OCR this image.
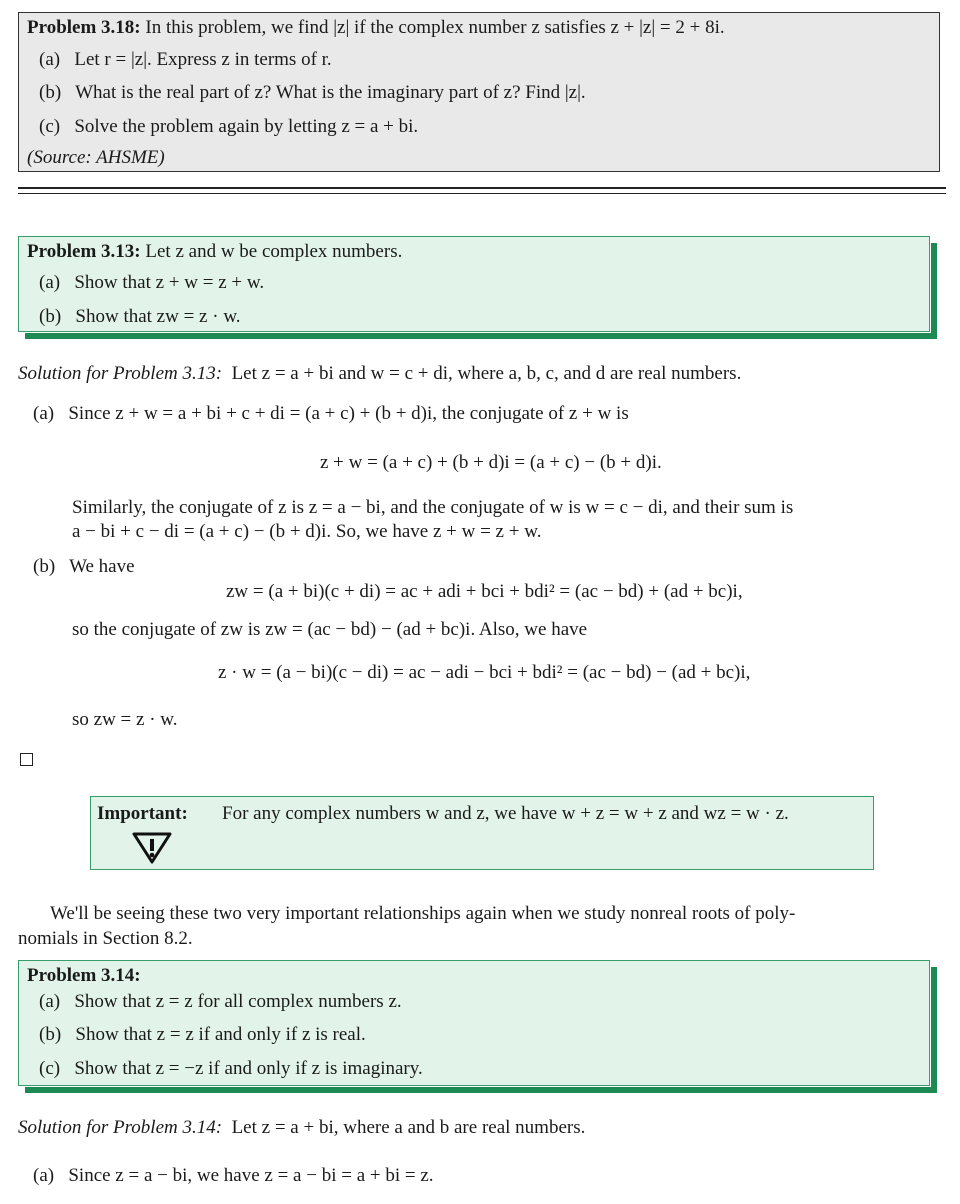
Problem 3.18: In this problem, we find |z| if the complex number z satisfies z + |z| = 2 + 8i.
(a) Let r = |z|. Express z in terms of r.
(b) What is the real part of z? What is the imaginary part of z? Find |z|.
(c) Solve the problem again by letting z = a + bi.
(Source: AHSME)
Problem 3.13: Let z and w be complex numbers.
(a) Show that z + w = z + w.
(b) Show that zw = z · w.
Solution for Problem 3.13: Let z = a + bi and w = c + di, where a, b, c, and d are real numbers.
(a) Since z + w = a + bi + c + di = (a + c) + (b + d)i, the conjugate of z + w is
z + w = (a + c) + (b + d)i = (a + c) − (b + d)i.
Similarly, the conjugate of z is z = a − bi, and the conjugate of w is w = c − di, and their sum is
a − bi + c − di = (a + c) − (b + d)i. So, we have z + w = z + w.
(b) We have
zw = (a + bi)(c + di) = ac + adi + bci + bdi² = (ac − bd) + (ad + bc)i,
so the conjugate of zw is zw = (ac − bd) − (ad + bc)i. Also, we have
z · w = (a − bi)(c − di) = ac − adi − bci + bdi² = (ac − bd) − (ad + bc)i,
so zw = z · w.
Important: For any complex numbers w and z, we have w + z = w + z and wz = w · z.
We'll be seeing these two very important relationships again when we study nonreal roots of poly-
nomials in Section 8.2.
Problem 3.14:
(a) Show that z = z for all complex numbers z.
(b) Show that z = z if and only if z is real.
(c) Show that z = −z if and only if z is imaginary.
Solution for Problem 3.14: Let z = a + bi, where a and b are real numbers.
(a) Since z = a − bi, we have z = a − bi = a + bi = z.
